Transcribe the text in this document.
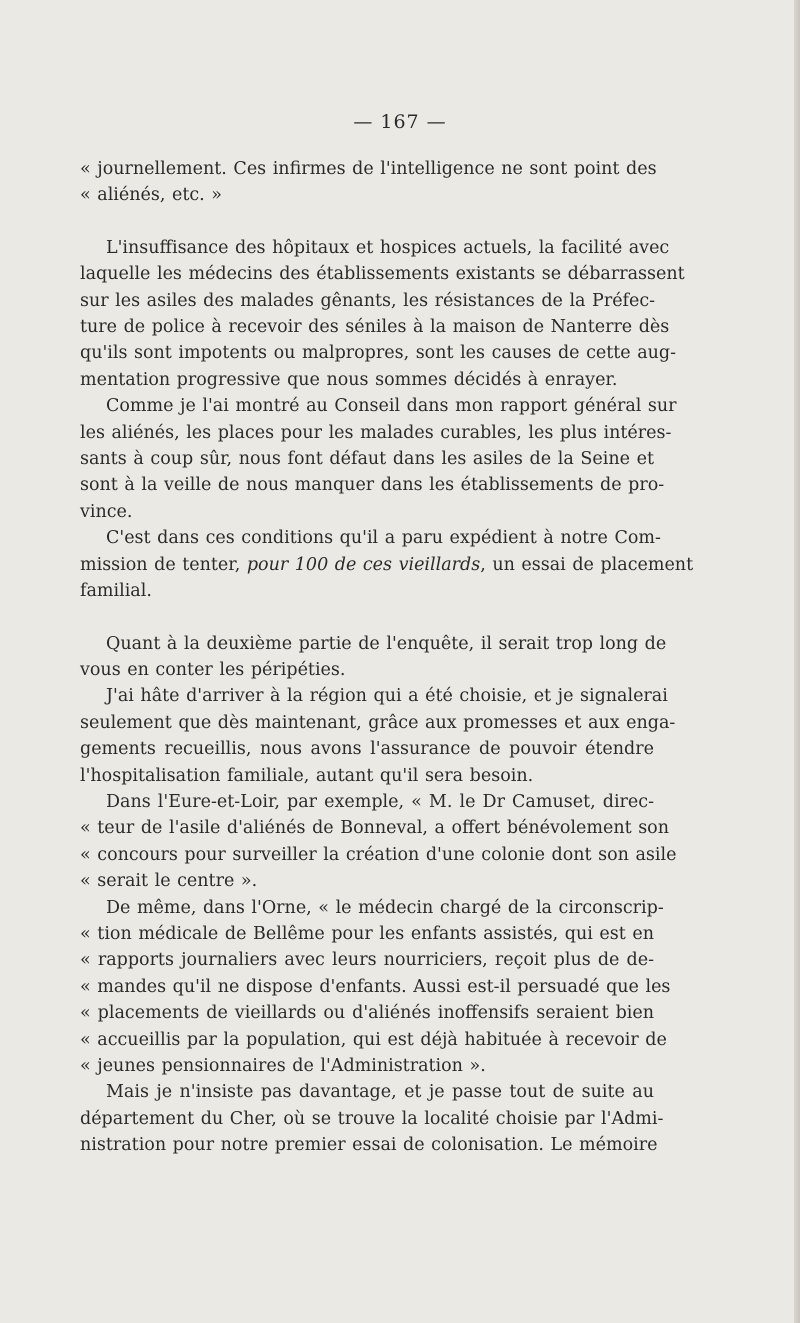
— 167 —

« journellement. Ces infirmes de l'intelligence ne sont point des
« aliénés, etc. »

L'insuffisance des hôpitaux et hospices actuels, la facilité avec
laquelle les médecins des établissements existants se débarrassent
sur les asiles des malades gênants, les résistances de la Préfec-
ture de police à recevoir des séniles à la maison de Nanterre dès
qu'ils sont impotents ou malpropres, sont les causes de cette aug-
mentation progressive que nous sommes décidés à enrayer.

Comme je l'ai montré au Conseil dans mon rapport général sur
les aliénés, les places pour les malades curables, les plus intéres-
sants à coup sûr, nous font défaut dans les asiles de la Seine et
sont à la veille de nous manquer dans les établissements de pro-
vince.

C'est dans ces conditions qu'il a paru expédient à notre Com-
mission de tenter, pour 100 de ces vieillards, un essai de placement
familial.

Quant à la deuxième partie de l'enquête, il serait trop long de
vous en conter les péripéties.

J'ai hâte d'arriver à la région qui a été choisie, et je signalerai
seulement que dès maintenant, grâce aux promesses et aux enga-
gements recueillis, nous avons l'assurance de pouvoir étendre
l'hospitalisation familiale, autant qu'il sera besoin.

Dans l'Eure-et-Loir, par exemple, « M. le Dr Camuset, direc-
« teur de l'asile d'aliénés de Bonneval, a offert bénévolement son
« concours pour surveiller la création d'une colonie dont son asile
« serait le centre ».

De même, dans l'Orne, « le médecin chargé de la circonscrip-
« tion médicale de Bellême pour les enfants assistés, qui est en
« rapports journaliers avec leurs nourriciers, reçoit plus de de-
« mandes qu'il ne dispose d'enfants. Aussi est-il persuadé que les
« placements de vieillards ou d'aliénés inoffensifs seraient bien
« accueillis par la population, qui est déjà habituée à recevoir de
« jeunes pensionnaires de l'Administration ».

Mais je n'insiste pas davantage, et je passe tout de suite au
département du Cher, où se trouve la localité choisie par l'Admi-
nistration pour notre premier essai de colonisation. Le mémoire
